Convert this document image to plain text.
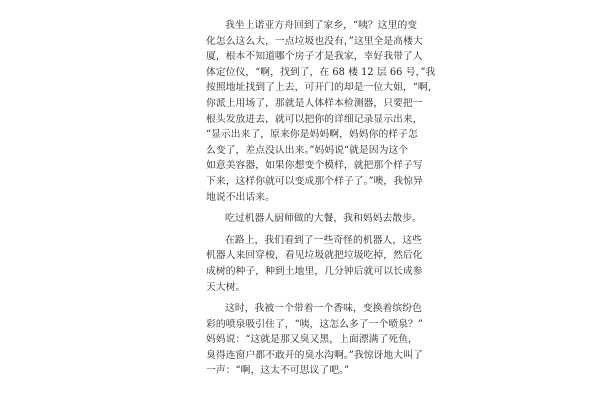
我坐上诺亚方舟回到了家乡，“咦？这里的变
化怎么这么大，一点垃圾也没有，”这里全是高楼大
厦，根本不知道哪个房子才是我家，幸好我带了人
体定位仪，“啊，找到了，在 68 楼 12 层 66 号，”我
按照地址找到了上去，可开门的却是一位大姐，“啊，
你派上用场了，那就是人体样本检测器，只要把一
根头发放进去，就可以把你的详细记录显示出来，
“显示出来了，原来你是妈妈啊，妈妈你的样子怎
么变了，差点没认出来。”妈妈说“就是因为这个
如意美容器，如果你想变个模样，就把那个样子写
下来，这样你就可以变成那个样子了。”噢，我惊异
地说不出话来。
吃过机器人厨师做的大餐，我和妈妈去散步。
在路上，我们看到了一些奇怪的机器人，这些
机器人来回穿梭，看见垃圾就把垃圾吃掉，然后化
成树的种子，种到土地里，几分钟后就可以长成参
天大树。
这时，我被一个带着一个香味，变换着缤纷色
彩的喷泉吸引住了，“咦，这怎么多了一个喷泉？”
妈妈说：“这就是那又臭又黑，上面漂满了死鱼，
臭得连窗户都不敢开的臭水沟啊。”我惊讶地大叫了
一声：“啊，这太不可思议了吧。”
